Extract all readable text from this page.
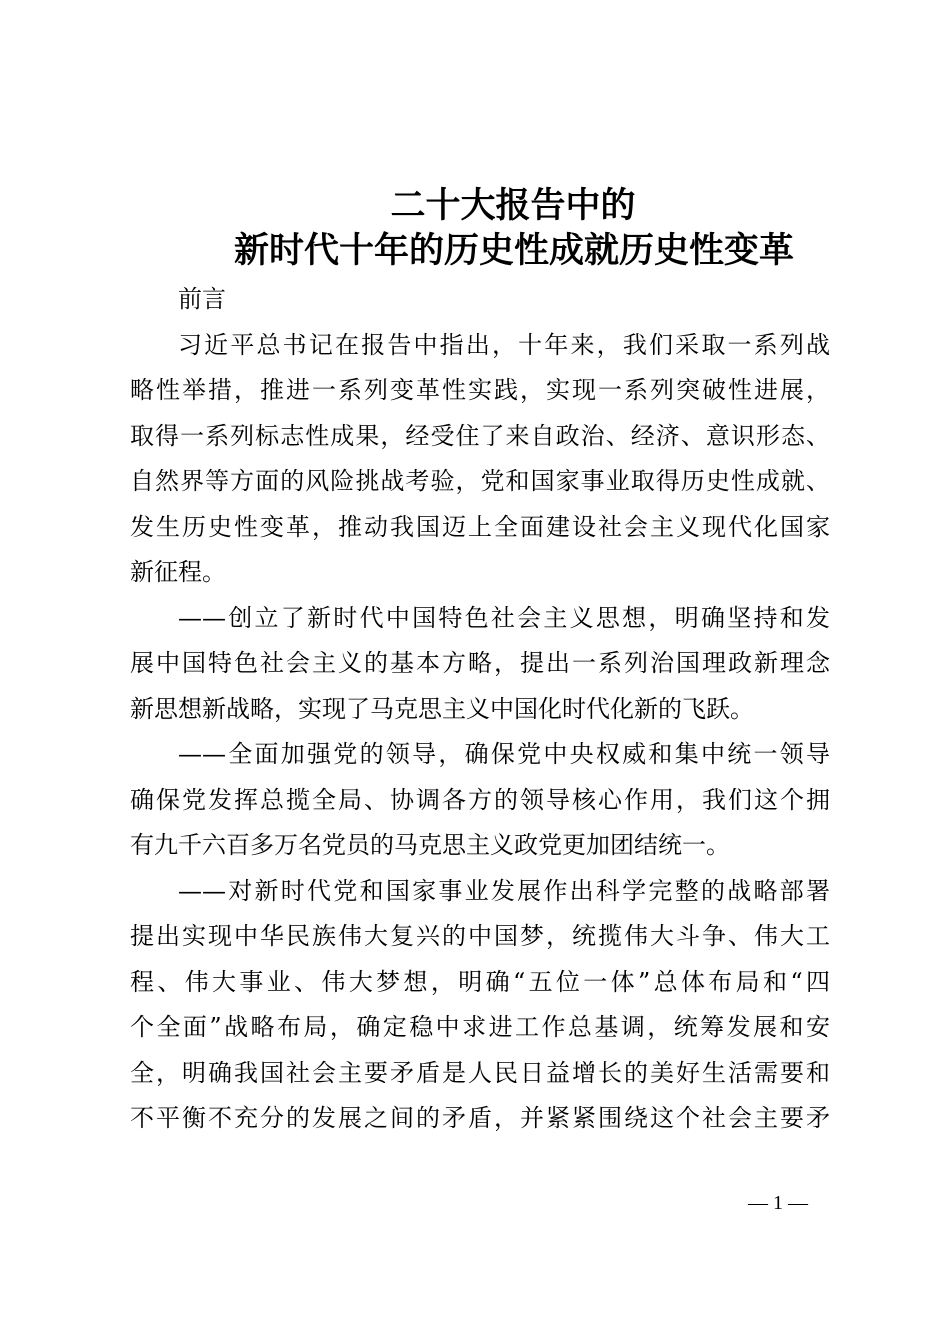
二十大报告中的
新时代十年的历史性成就历史性变革
前言
习近平总书记在报告中指出，十年来，我们采取一系列战
略性举措，推进一系列变革性实践，实现一系列突破性进展，
取得一系列标志性成果，经受住了来自政治、经济、意识形态、
自然界等方面的风险挑战考验，党和国家事业取得历史性成就、
发生历史性变革，推动我国迈上全面建设社会主义现代化国家
新征程。
——创立了新时代中国特色社会主义思想，明确坚持和发
展中国特色社会主义的基本方略，提出一系列治国理政新理念
新思想新战略，实现了马克思主义中国化时代化新的飞跃。
——全面加强党的领导，确保党中央权威和集中统一领导
确保党发挥总揽全局、协调各方的领导核心作用，我们这个拥
有九千六百多万名党员的马克思主义政党更加团结统一。
——对新时代党和国家事业发展作出科学完整的战略部署
提出实现中华民族伟大复兴的中国梦，统揽伟大斗争、伟大工
程、伟大事业、伟大梦想，明确“五位一体”总体布局和“四
个全面”战略布局，确定稳中求进工作总基调，统筹发展和安
全，明确我国社会主要矛盾是人民日益增长的美好生活需要和
不平衡不充分的发展之间的矛盾，并紧紧围绕这个社会主要矛
— 1 —
